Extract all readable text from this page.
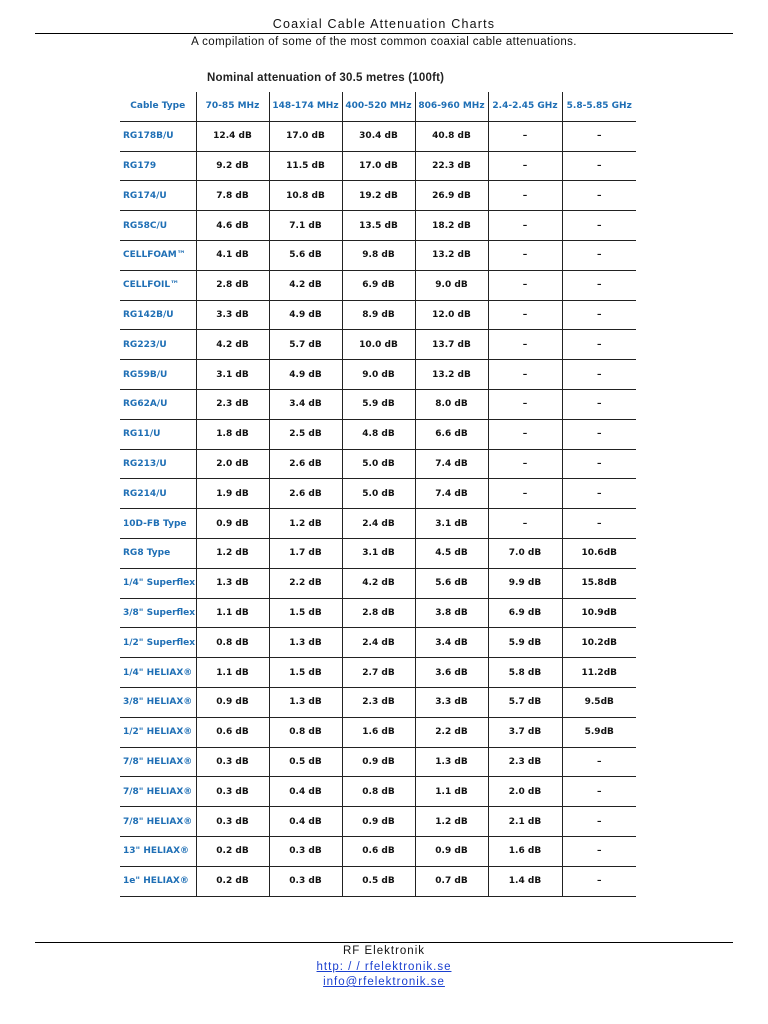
Coaxial Cable Attenuation Charts
A compilation of some of the most common coaxial cable attenuations.
Nominal attenuation of 30.5 metres (100ft)
Cable Type	70-85 MHz	148-174 MHz	400-520 MHz	806-960 MHz	2.4-2.45 GHz	5.8-5.85 GHz
RG178B/U	12.4 dB	17.0 dB	30.4 dB	40.8 dB	–	–
RG179	9.2 dB	11.5 dB	17.0 dB	22.3 dB	–	–
RG174/U	7.8 dB	10.8 dB	19.2 dB	26.9 dB	–	–
RG58C/U	4.6 dB	7.1 dB	13.5 dB	18.2 dB	–	–
CELLFOAM™	4.1 dB	5.6 dB	9.8 dB	13.2 dB	–	–
CELLFOIL™	2.8 dB	4.2 dB	6.9 dB	9.0 dB	–	–
RG142B/U	3.3 dB	4.9 dB	8.9 dB	12.0 dB	–	–
RG223/U	4.2 dB	5.7 dB	10.0 dB	13.7 dB	–	–
RG59B/U	3.1 dB	4.9 dB	9.0 dB	13.2 dB	–	–
RG62A/U	2.3 dB	3.4 dB	5.9 dB	8.0 dB	–	–
RG11/U	1.8 dB	2.5 dB	4.8 dB	6.6 dB	–	–
RG213/U	2.0 dB	2.6 dB	5.0 dB	7.4 dB	–	–
RG214/U	1.9 dB	2.6 dB	5.0 dB	7.4 dB	–	–
10D-FB Type	0.9 dB	1.2 dB	2.4 dB	3.1 dB	–	–
RG8 Type	1.2 dB	1.7 dB	3.1 dB	4.5 dB	7.0 dB	10.6dB
1/4" Superflex	1.3 dB	2.2 dB	4.2 dB	5.6 dB	9.9 dB	15.8dB
3/8" Superflex	1.1 dB	1.5 dB	2.8 dB	3.8 dB	6.9 dB	10.9dB
1/2" Superflex	0.8 dB	1.3 dB	2.4 dB	3.4 dB	5.9 dB	10.2dB
1/4" HELIAX®	1.1 dB	1.5 dB	2.7 dB	3.6 dB	5.8 dB	11.2dB
3/8" HELIAX®	0.9 dB	1.3 dB	2.3 dB	3.3 dB	5.7 dB	9.5dB
1/2" HELIAX®	0.6 dB	0.8 dB	1.6 dB	2.2 dB	3.7 dB	5.9dB
7/8" HELIAX®	0.3 dB	0.5 dB	0.9 dB	1.3 dB	2.3 dB	–
7/8" HELIAX®	0.3 dB	0.4 dB	0.8 dB	1.1 dB	2.0 dB	–
7/8" HELIAX®	0.3 dB	0.4 dB	0.9 dB	1.2 dB	2.1 dB	–
13" HELIAX®	0.2 dB	0.3 dB	0.6 dB	0.9 dB	1.6 dB	–
1e" HELIAX®	0.2 dB	0.3 dB	0.5 dB	0.7 dB	1.4 dB	–
RF Elektronik
http: / / rfelektronik.se
info@rfelektronik.se
